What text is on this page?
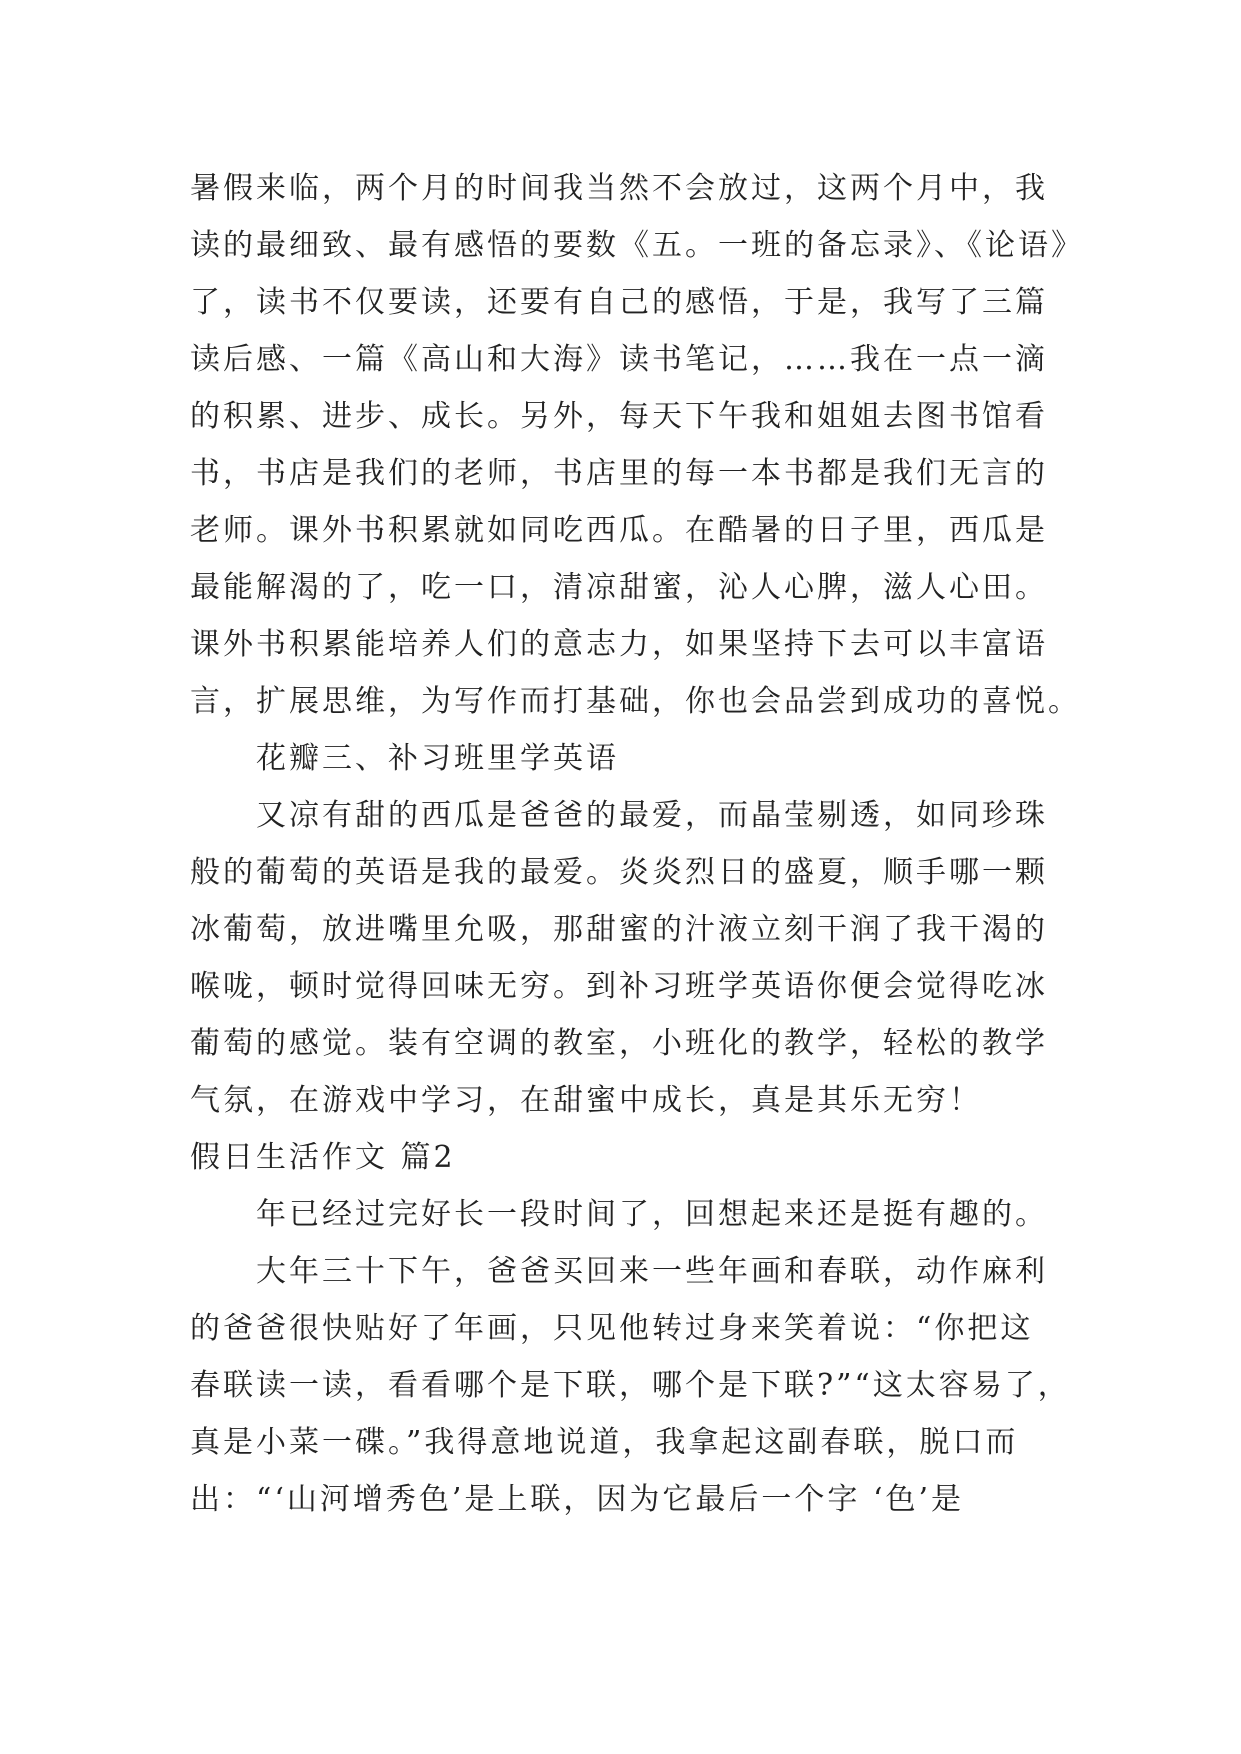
暑假来临，两个月的时间我当然不会放过，这两个月中，我
读的最细致、最有感悟的要数《五。一班的备忘录》、《论语》
了，读书不仅要读，还要有自己的感悟，于是，我写了三篇
读后感、一篇《高山和大海》读书笔记，……我在一点一滴
的积累、进步、成长。另外，每天下午我和姐姐去图书馆看
书，书店是我们的老师，书店里的每一本书都是我们无言的
老师。课外书积累就如同吃西瓜。在酷暑的日子里，西瓜是
最能解渴的了，吃一口，清凉甜蜜，沁人心脾，滋人心田。
课外书积累能培养人们的意志力，如果坚持下去可以丰富语
言，扩展思维，为写作而打基础，你也会品尝到成功的喜悦。
花瓣三、补习班里学英语
又凉有甜的西瓜是爸爸的最爱，而晶莹剔透，如同珍珠
般的葡萄的英语是我的最爱。炎炎烈日的盛夏，顺手哪一颗
冰葡萄，放进嘴里允吸，那甜蜜的汁液立刻干润了我干渴的
喉咙，顿时觉得回味无穷。到补习班学英语你便会觉得吃冰
葡萄的感觉。装有空调的教室，小班化的教学，轻松的教学
气氛，在游戏中学习，在甜蜜中成长，真是其乐无穷！
假日生活作文 篇2
年已经过完好长一段时间了，回想起来还是挺有趣的。
大年三十下午，爸爸买回来一些年画和春联，动作麻利
的爸爸很快贴好了年画，只见他转过身来笑着说：“你把这
春联读一读，看看哪个是下联，哪个是下联?”“这太容易了，
真是小菜一碟。”我得意地说道，我拿起这副春联，脱口而
出：“‘山河增秀色’是上联，因为它最后一个字 ‘色’是
